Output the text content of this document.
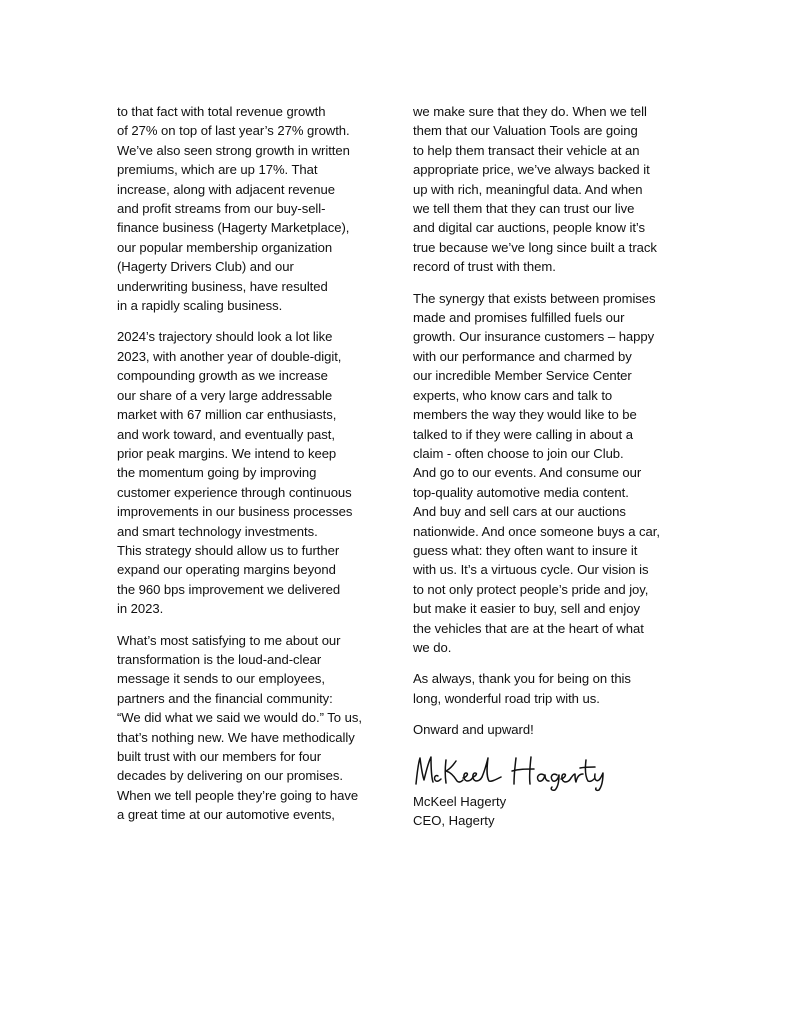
to that fact with total revenue growth
of 27% on top of last year’s 27% growth.
We’ve also seen strong growth in written
premiums, which are up 17%. That
increase, along with adjacent revenue
and profit streams from our buy-sell-
finance business (Hagerty Marketplace),
our popular membership organization
(Hagerty Drivers Club) and our
underwriting business, have resulted
in a rapidly scaling business.
2024’s trajectory should look a lot like
2023, with another year of double-digit,
compounding growth as we increase
our share of a very large addressable
market with 67 million car enthusiasts,
and work toward, and eventually past,
prior peak margins. We intend to keep
the momentum going by improving
customer experience through continuous
improvements in our business processes
and smart technology investments.
This strategy should allow us to further
expand our operating margins beyond
the 960 bps improvement we delivered
in 2023.
What’s most satisfying to me about our
transformation is the loud-and-clear
message it sends to our employees,
partners and the financial community:
“We did what we said we would do.” To us,
that’s nothing new. We have methodically
built trust with our members for four
decades by delivering on our promises.
When we tell people they’re going to have
a great time at our automotive events,
we make sure that they do. When we tell
them that our Valuation Tools are going
to help them transact their vehicle at an
appropriate price, we’ve always backed it
up with rich, meaningful data. And when
we tell them that they can trust our live
and digital car auctions, people know it’s
true because we’ve long since built a track
record of trust with them.
The synergy that exists between promises
made and promises fulfilled fuels our
growth. Our insurance customers – happy
with our performance and charmed by
our incredible Member Service Center
experts, who know cars and talk to
members the way they would like to be
talked to if they were calling in about a
claim - often choose to join our Club.
And go to our events. And consume our
top-quality automotive media content.
And buy and sell cars at our auctions
nationwide. And once someone buys a car,
guess what: they often want to insure it
with us. It’s a virtuous cycle. Our vision is
to not only protect people’s pride and joy,
but make it easier to buy, sell and enjoy
the vehicles that are at the heart of what
we do.
As always, thank you for being on this
long, wonderful road trip with us.
Onward and upward!
McKeel Hagerty
CEO, Hagerty
